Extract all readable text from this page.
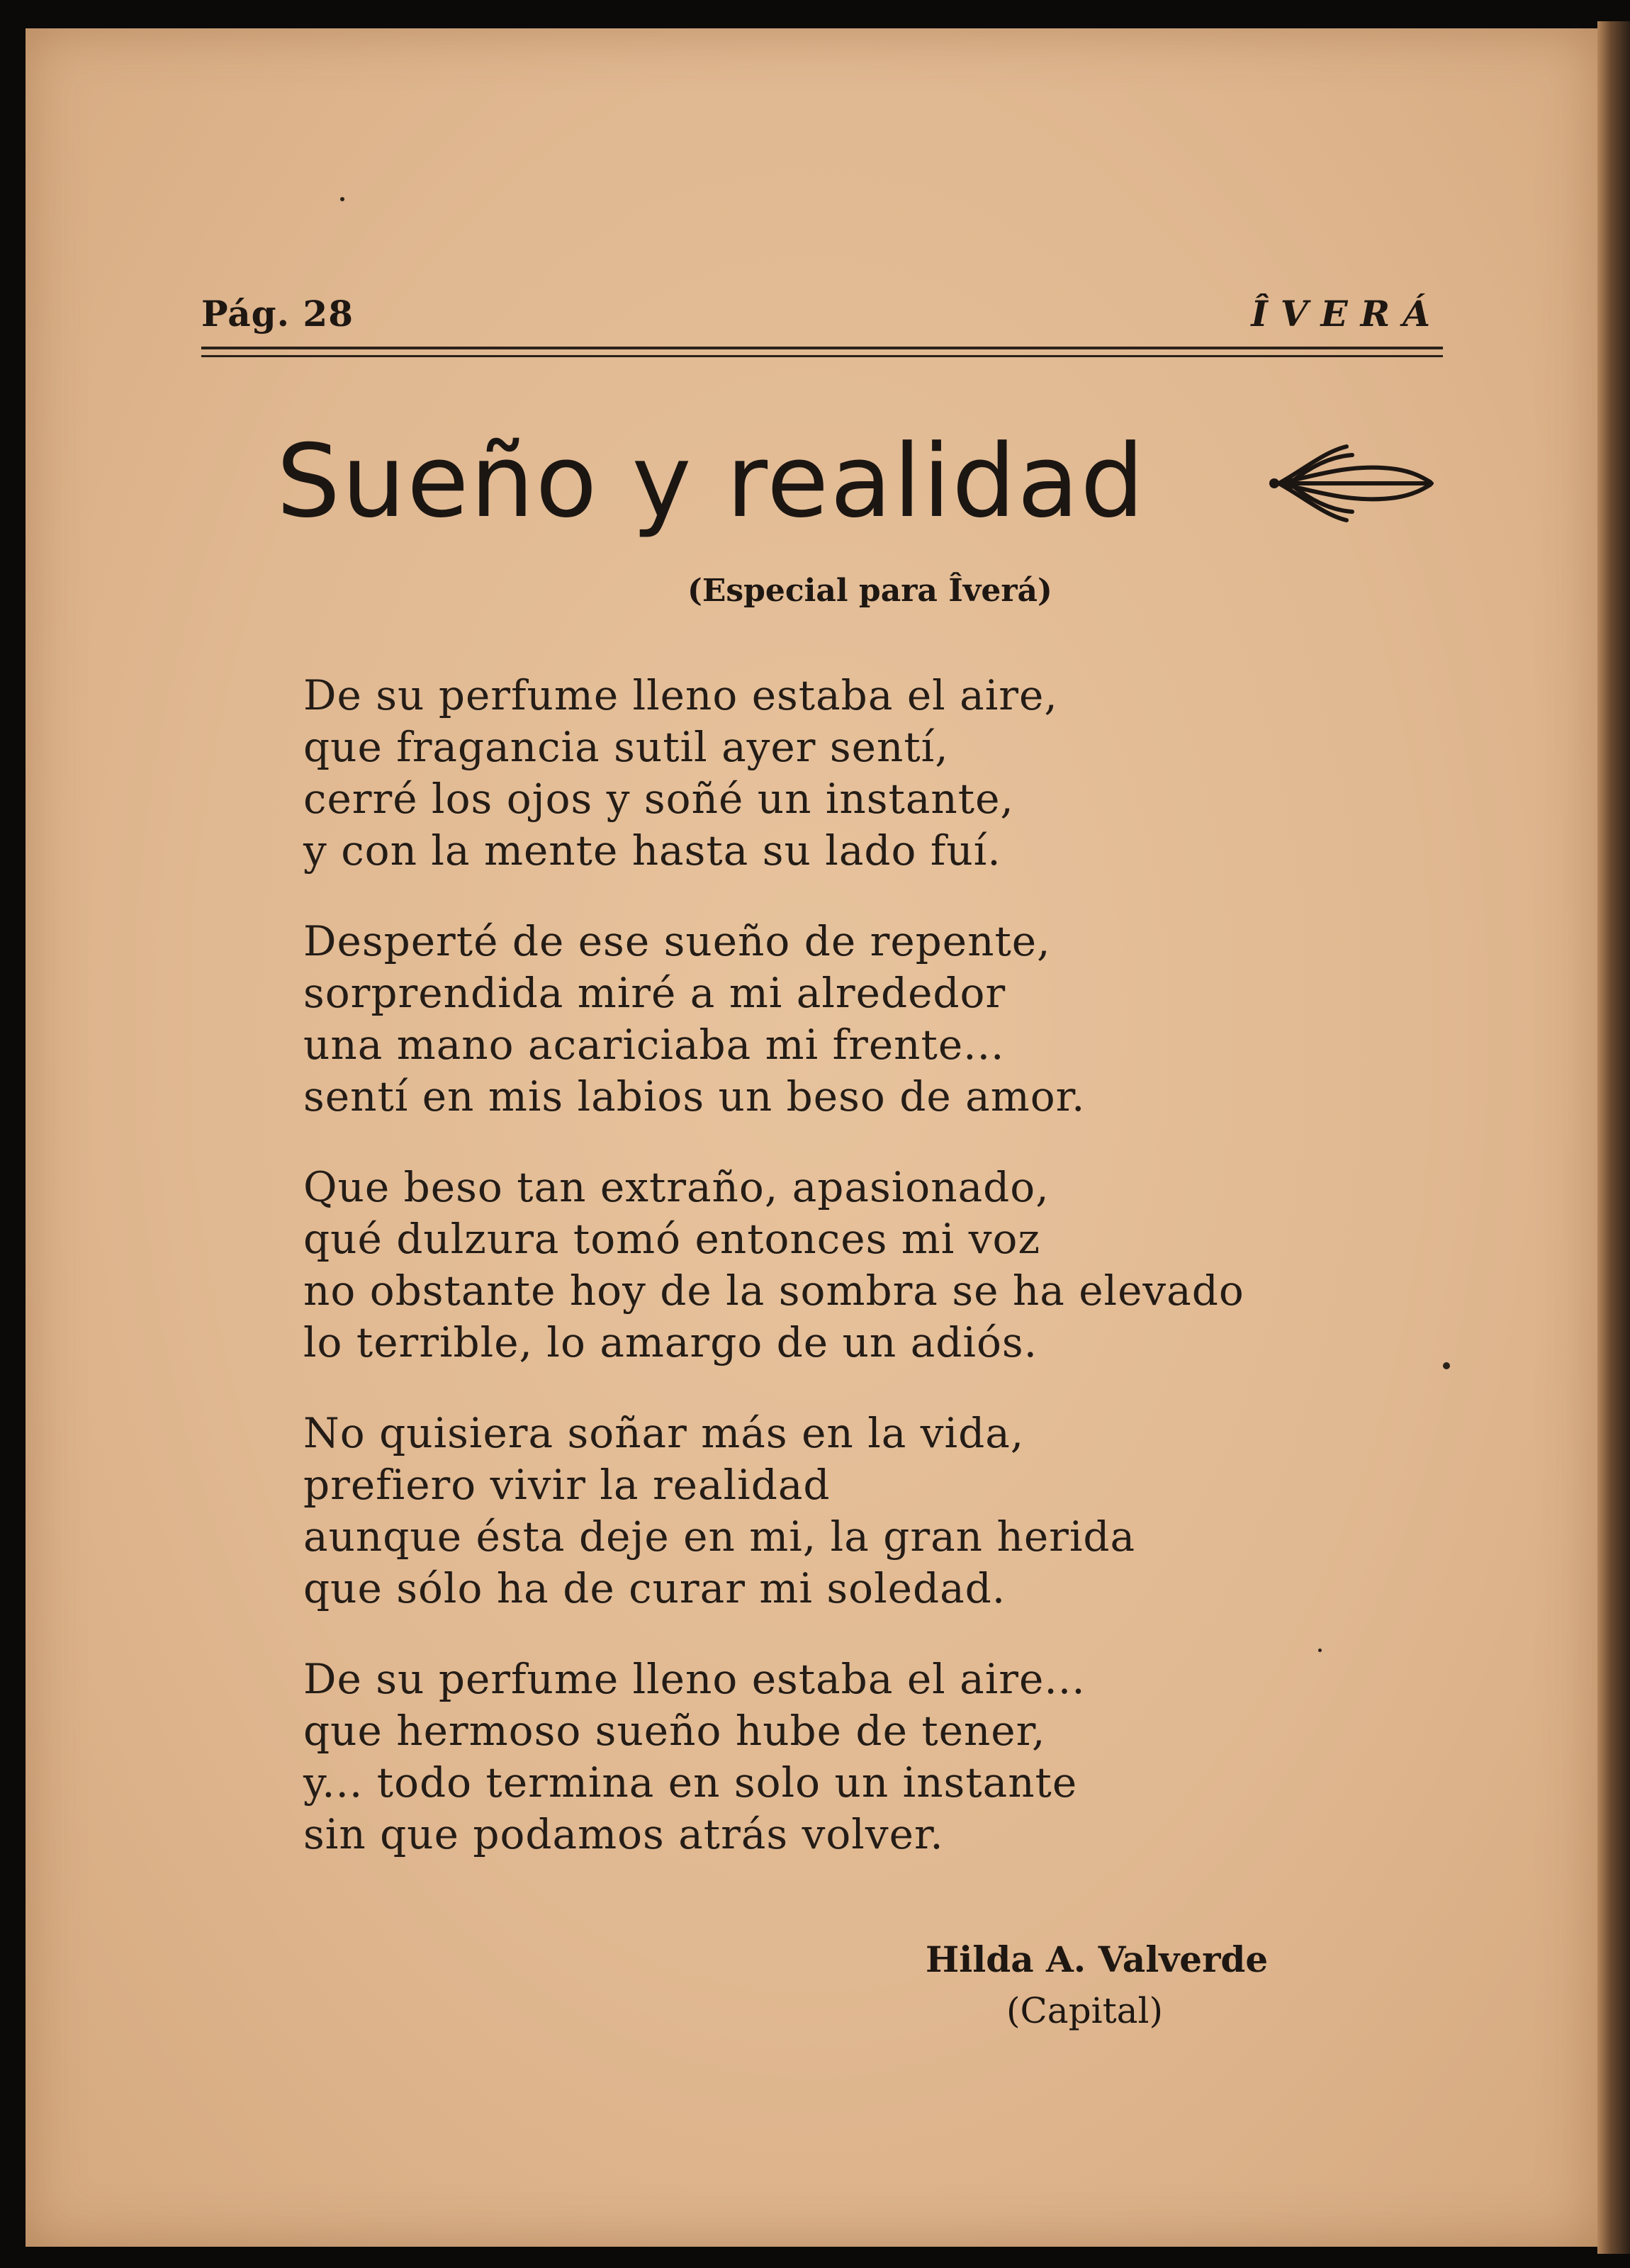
Pág. 28	ÎVERÁ
Sueño y realidad
(Especial para Îverá)
De su perfume lleno estaba el aire,
que fragancia sutil ayer sentí,
cerré los ojos y soñé un instante,
y con la mente hasta su lado fuí.
Desperté de ese sueño de repente,
sorprendida miré a mi alrededor
una mano acariciaba mi frente...
sentí en mis labios un beso de amor.
Que beso tan extraño, apasionado,
qué dulzura tomó entonces mi voz
no obstante hoy de la sombra se ha elevado
lo terrible, lo amargo de un adiós.
No quisiera soñar más en la vida,
prefiero vivir la realidad
aunque ésta deje en mi, la gran herida
que sólo ha de curar mi soledad.
De su perfume lleno estaba el aire...
que hermoso sueño hube de tener,
y... todo termina en solo un instante
sin que podamos atrás volver.
Hilda A. Valverde
(Capital)
